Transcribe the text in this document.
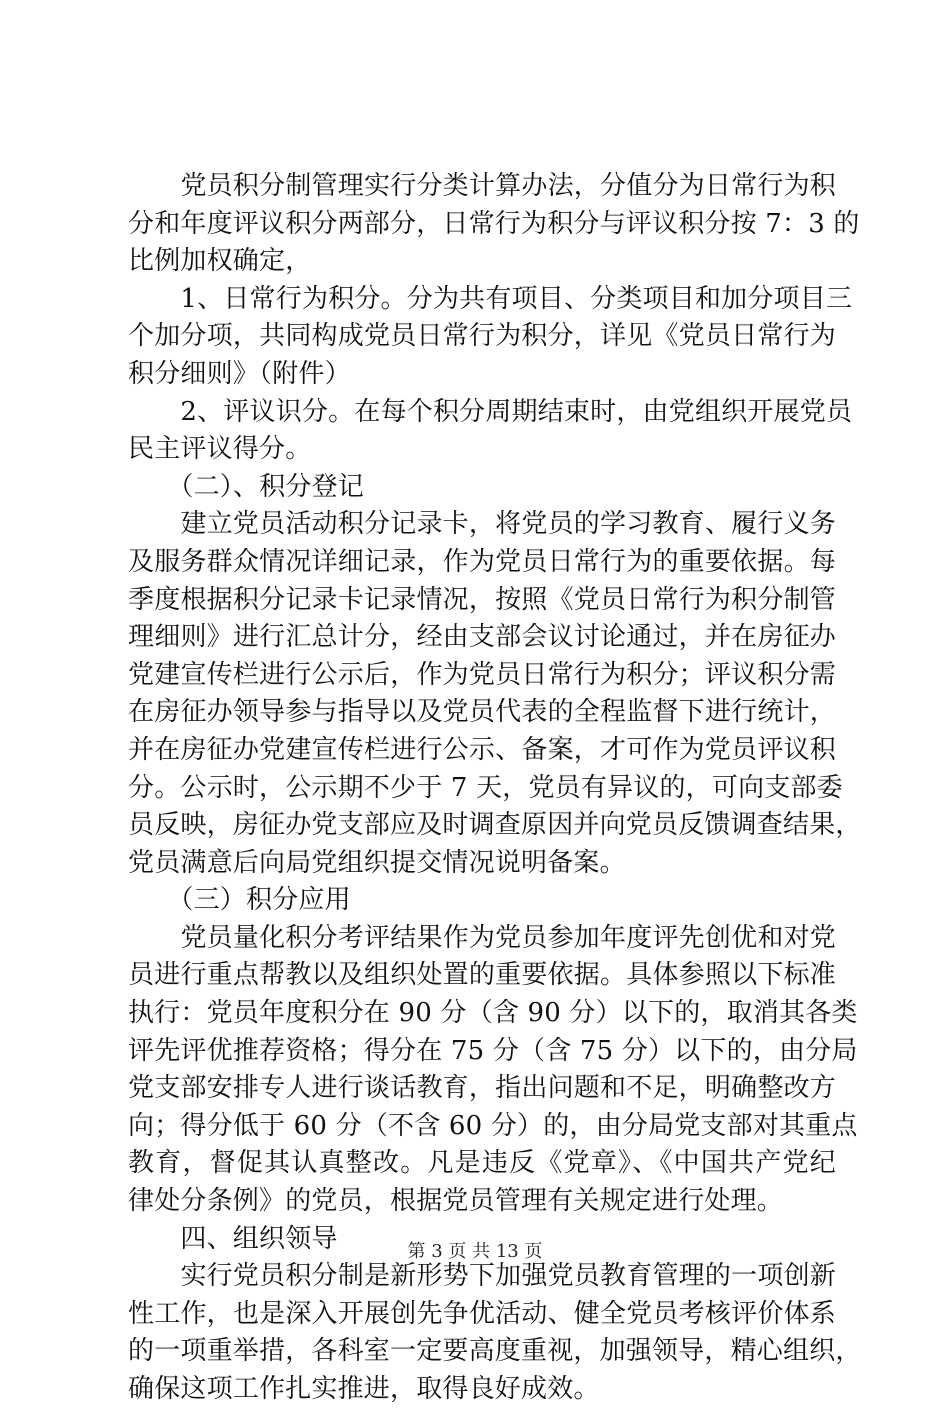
　　党员积分制管理实行分类计算办法，分值分为日常行为积
分和年度评议积分两部分，日常行为积分与评议积分按 7：3 的
比例加权确定，
　　1、日常行为积分。分为共有项目、分类项目和加分项目三
个加分项，共同构成党员日常行为积分，详见《党员日常行为
积分细则》（附件）
　　2、评议识分。在每个积分周期结束时，由党组织开展党员
民主评议得分。
　　（二）、积分登记
　　建立党员活动积分记录卡，将党员的学习教育、履行义务
及服务群众情况详细记录，作为党员日常行为的重要依据。每
季度根据积分记录卡记录情况，按照《党员日常行为积分制管
理细则》进行汇总计分，经由支部会议讨论通过，并在房征办
党建宣传栏进行公示后，作为党员日常行为积分；评议积分需
在房征办领导参与指导以及党员代表的全程监督下进行统计，
并在房征办党建宣传栏进行公示、备案，才可作为党员评议积
分。公示时，公示期不少于 7 天，党员有异议的，可向支部委
员反映，房征办党支部应及时调查原因并向党员反馈调查结果，
党员满意后向局党组织提交情况说明备案。
　　（三）积分应用
　　党员量化积分考评结果作为党员参加年度评先创优和对党
员进行重点帮教以及组织处置的重要依据。具体参照以下标准
执行：党员年度积分在 90 分（含 90 分）以下的，取消其各类
评先评优推荐资格；得分在 75 分（含 75 分）以下的，由分局
党支部安排专人进行谈话教育，指出问题和不足，明确整改方
向；得分低于 60 分（不含 60 分）的，由分局党支部对其重点
教育，督促其认真整改。凡是违反《党章》、《中国共产党纪
律处分条例》的党员，根据党员管理有关规定进行处理。
　　四、组织领导
　　实行党员积分制是新形势下加强党员教育管理的一项创新
性工作，也是深入开展创先争优活动、健全党员考核评价体系
的一项重举措，各科室一定要高度重视，加强领导，精心组织，
确保这项工作扎实推进，取得良好成效。
第 3 页 共 13 页
